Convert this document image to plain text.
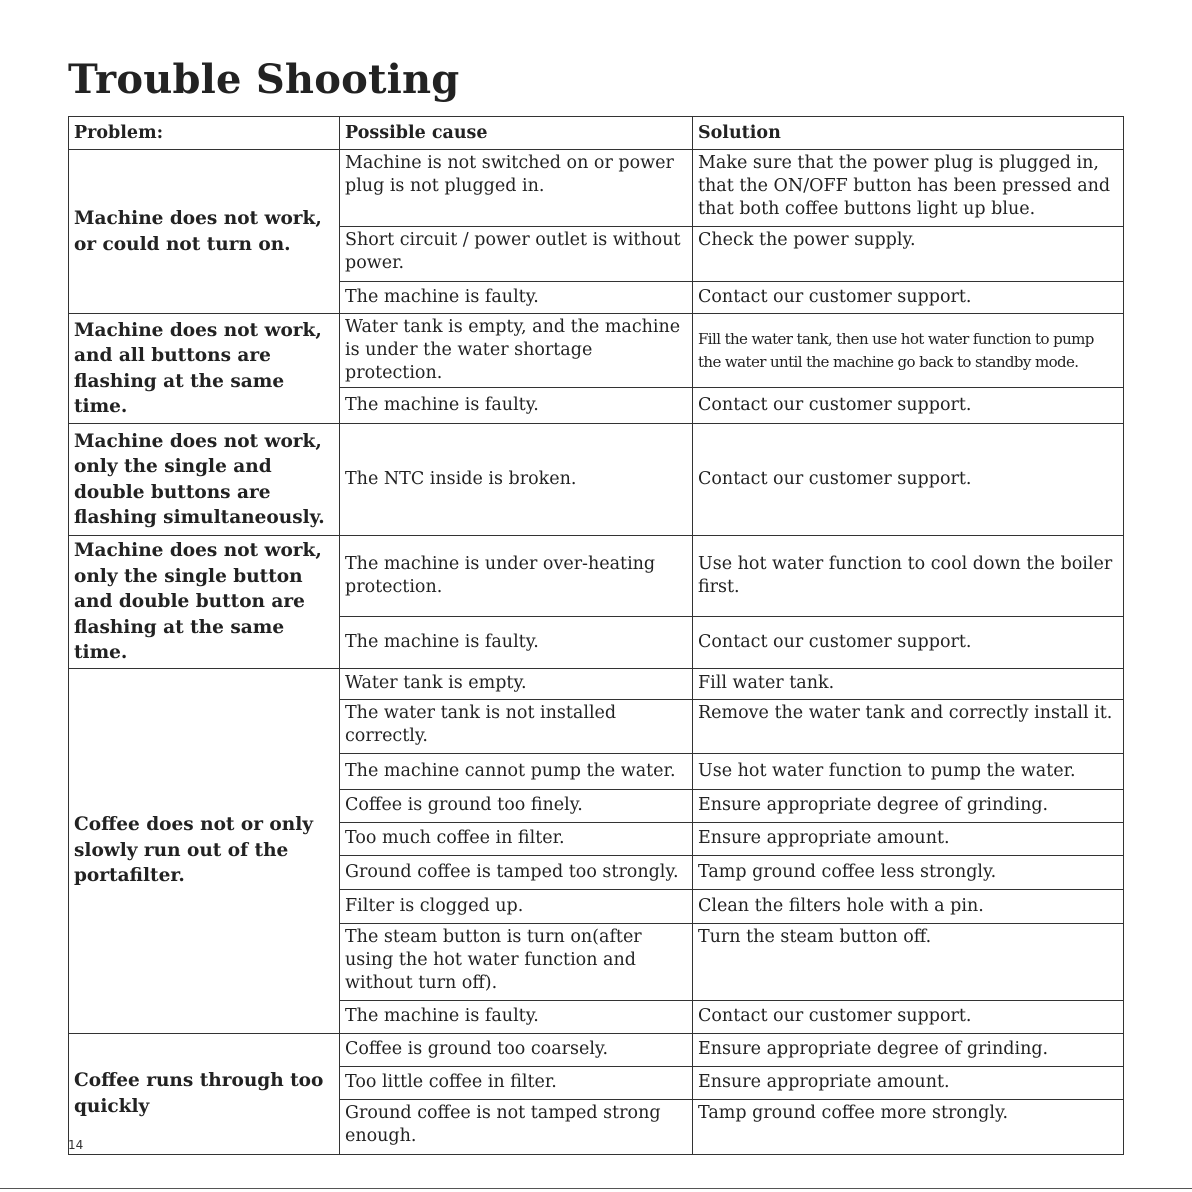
Trouble Shooting
Problem:	Possible cause	Solution
Machine does not work, or could not turn on.	Machine is not switched on or power plug is not plugged in.	Make sure that the power plug is plugged in, that the ON/OFF button has been pressed and that both coffee buttons light up blue.
	Short circuit / power outlet is without power.	Check the power supply.
	The machine is faulty.	Contact our customer support.
Machine does not work, and all buttons are flashing at the same time.	Water tank is empty, and the machine is under the water shortage protection.	Fill the water tank, then use hot water function to pump the water until the machine go back to standby mode.
	The machine is faulty.	Contact our customer support.
Machine does not work, only the single and double buttons are flashing simultaneously.	The NTC inside is broken.	Contact our customer support.
Machine does not work, only the single button and double button are flashing at the same time.	The machine is under over-heating protection.	Use hot water function to cool down the boiler first.
	The machine is faulty.	Contact our customer support.
Coffee does not or only slowly run out of the portafilter.	Water tank is empty.	Fill water tank.
	The water tank is not installed correctly.	Remove the water tank and correctly install it.
	The machine cannot pump the water.	Use hot water function to pump the water.
	Coffee is ground too finely.	Ensure appropriate degree of grinding.
	Too much coffee in filter.	Ensure appropriate amount.
	Ground coffee is tamped too strongly.	Tamp ground coffee less strongly.
	Filter is clogged up.	Clean the filters hole with a pin.
	The steam button is turn on(after using the hot water function and without turn off).	Turn the steam button off.
	The machine is faulty.	Contact our customer support.
Coffee runs through too quickly	Coffee is ground too coarsely.	Ensure appropriate degree of grinding.
	Too little coffee in filter.	Ensure appropriate amount.
	Ground coffee is not tamped strong enough.	Tamp ground coffee more strongly.
14
